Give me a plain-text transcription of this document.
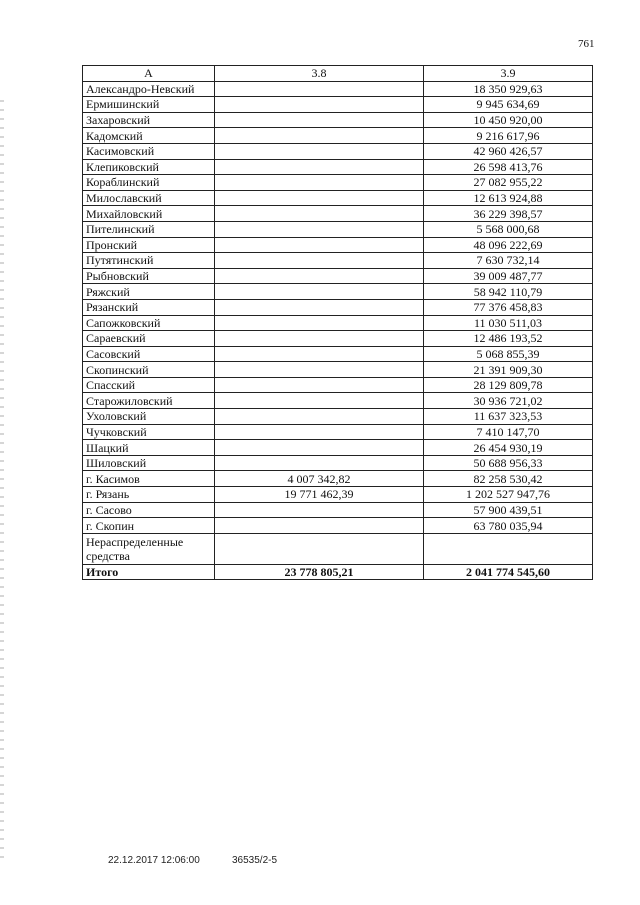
761
А	3.8	3.9
Александро-Невский		18 350 929,63
Ермишинский		9 945 634,69
Захаровский		10 450 920,00
Кадомский		9 216 617,96
Касимовский		42 960 426,57
Клепиковский		26 598 413,76
Кораблинский		27 082 955,22
Милославский		12 613 924,88
Михайловский		36 229 398,57
Пителинский		5 568 000,68
Пронский		48 096 222,69
Путятинский		7 630 732,14
Рыбновский		39 009 487,77
Ряжский		58 942 110,79
Рязанский		77 376 458,83
Сапожковский		11 030 511,03
Сараевский		12 486 193,52
Сасовский		5 068 855,39
Скопинский		21 391 909,30
Спасский		28 129 809,78
Старожиловский		30 936 721,02
Ухоловский		11 637 323,53
Чучковский		7 410 147,70
Шацкий		26 454 930,19
Шиловский		50 688 956,33
г. Касимов	4 007 342,82	82 258 530,42
г. Рязань	19 771 462,39	1 202 527 947,76
г. Сасово		57 900 439,51
г. Скопин		63 780 035,94
Нераспределенные средства		
Итого	23 778 805,21	2 041 774 545,60
22.12.2017 12:06:00	36535/2-5
